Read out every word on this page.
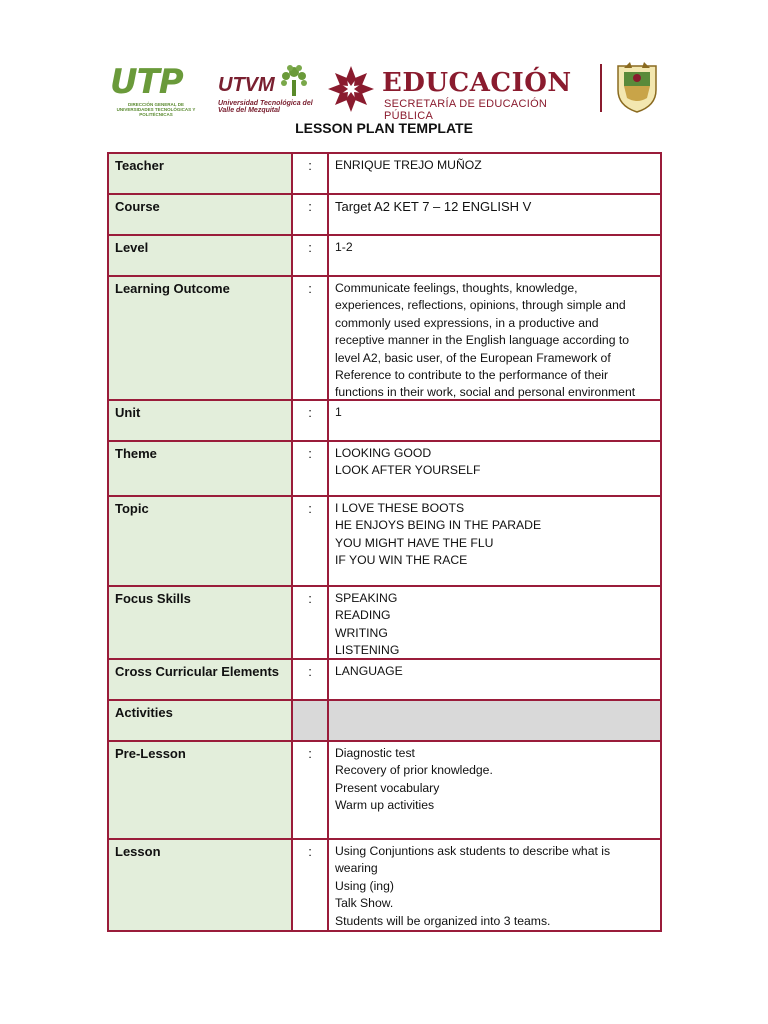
UTP
DIRECCIÓN GENERAL DE UNIVERSIDADES TECNOLÓGICAS Y POLITÉCNICAS
UTVM
Universidad Tecnológica del Valle del Mezquital
EDUCACIÓN
SECRETARÍA DE EDUCACIÓN PÚBLICA
LESSON PLAN TEMPLATE
Teacher	:	ENRIQUE TREJO MUÑOZ
Course	:	Target A2 KET 7 – 12 ENGLISH V
Level	:	1-2
Learning Outcome	:	Communicate feelings, thoughts, knowledge,
experiences, reflections, opinions, through simple and
commonly used expressions, in a productive and
receptive manner in the English language according to
level A2, basic user, of the European Framework of
Reference to contribute to the performance of their
functions in their work, social and personal environment
Unit	:	1
Theme	:	LOOKING GOOD
LOOK AFTER YOURSELF
Topic	:	I LOVE THESE BOOTS
HE ENJOYS BEING IN THE PARADE
YOU MIGHT HAVE THE FLU
IF YOU WIN THE RACE
Focus Skills	:	SPEAKING
READING
WRITING
LISTENING
Cross Curricular Elements	:	LANGUAGE
Activities
Pre-Lesson	:	Diagnostic test
Recovery of prior knowledge.
Present vocabulary
Warm up activities
Lesson	:	Using Conjuntions ask students to describe what is
wearing
Using (ing)
Talk Show.
Students will be organized into 3 teams.
